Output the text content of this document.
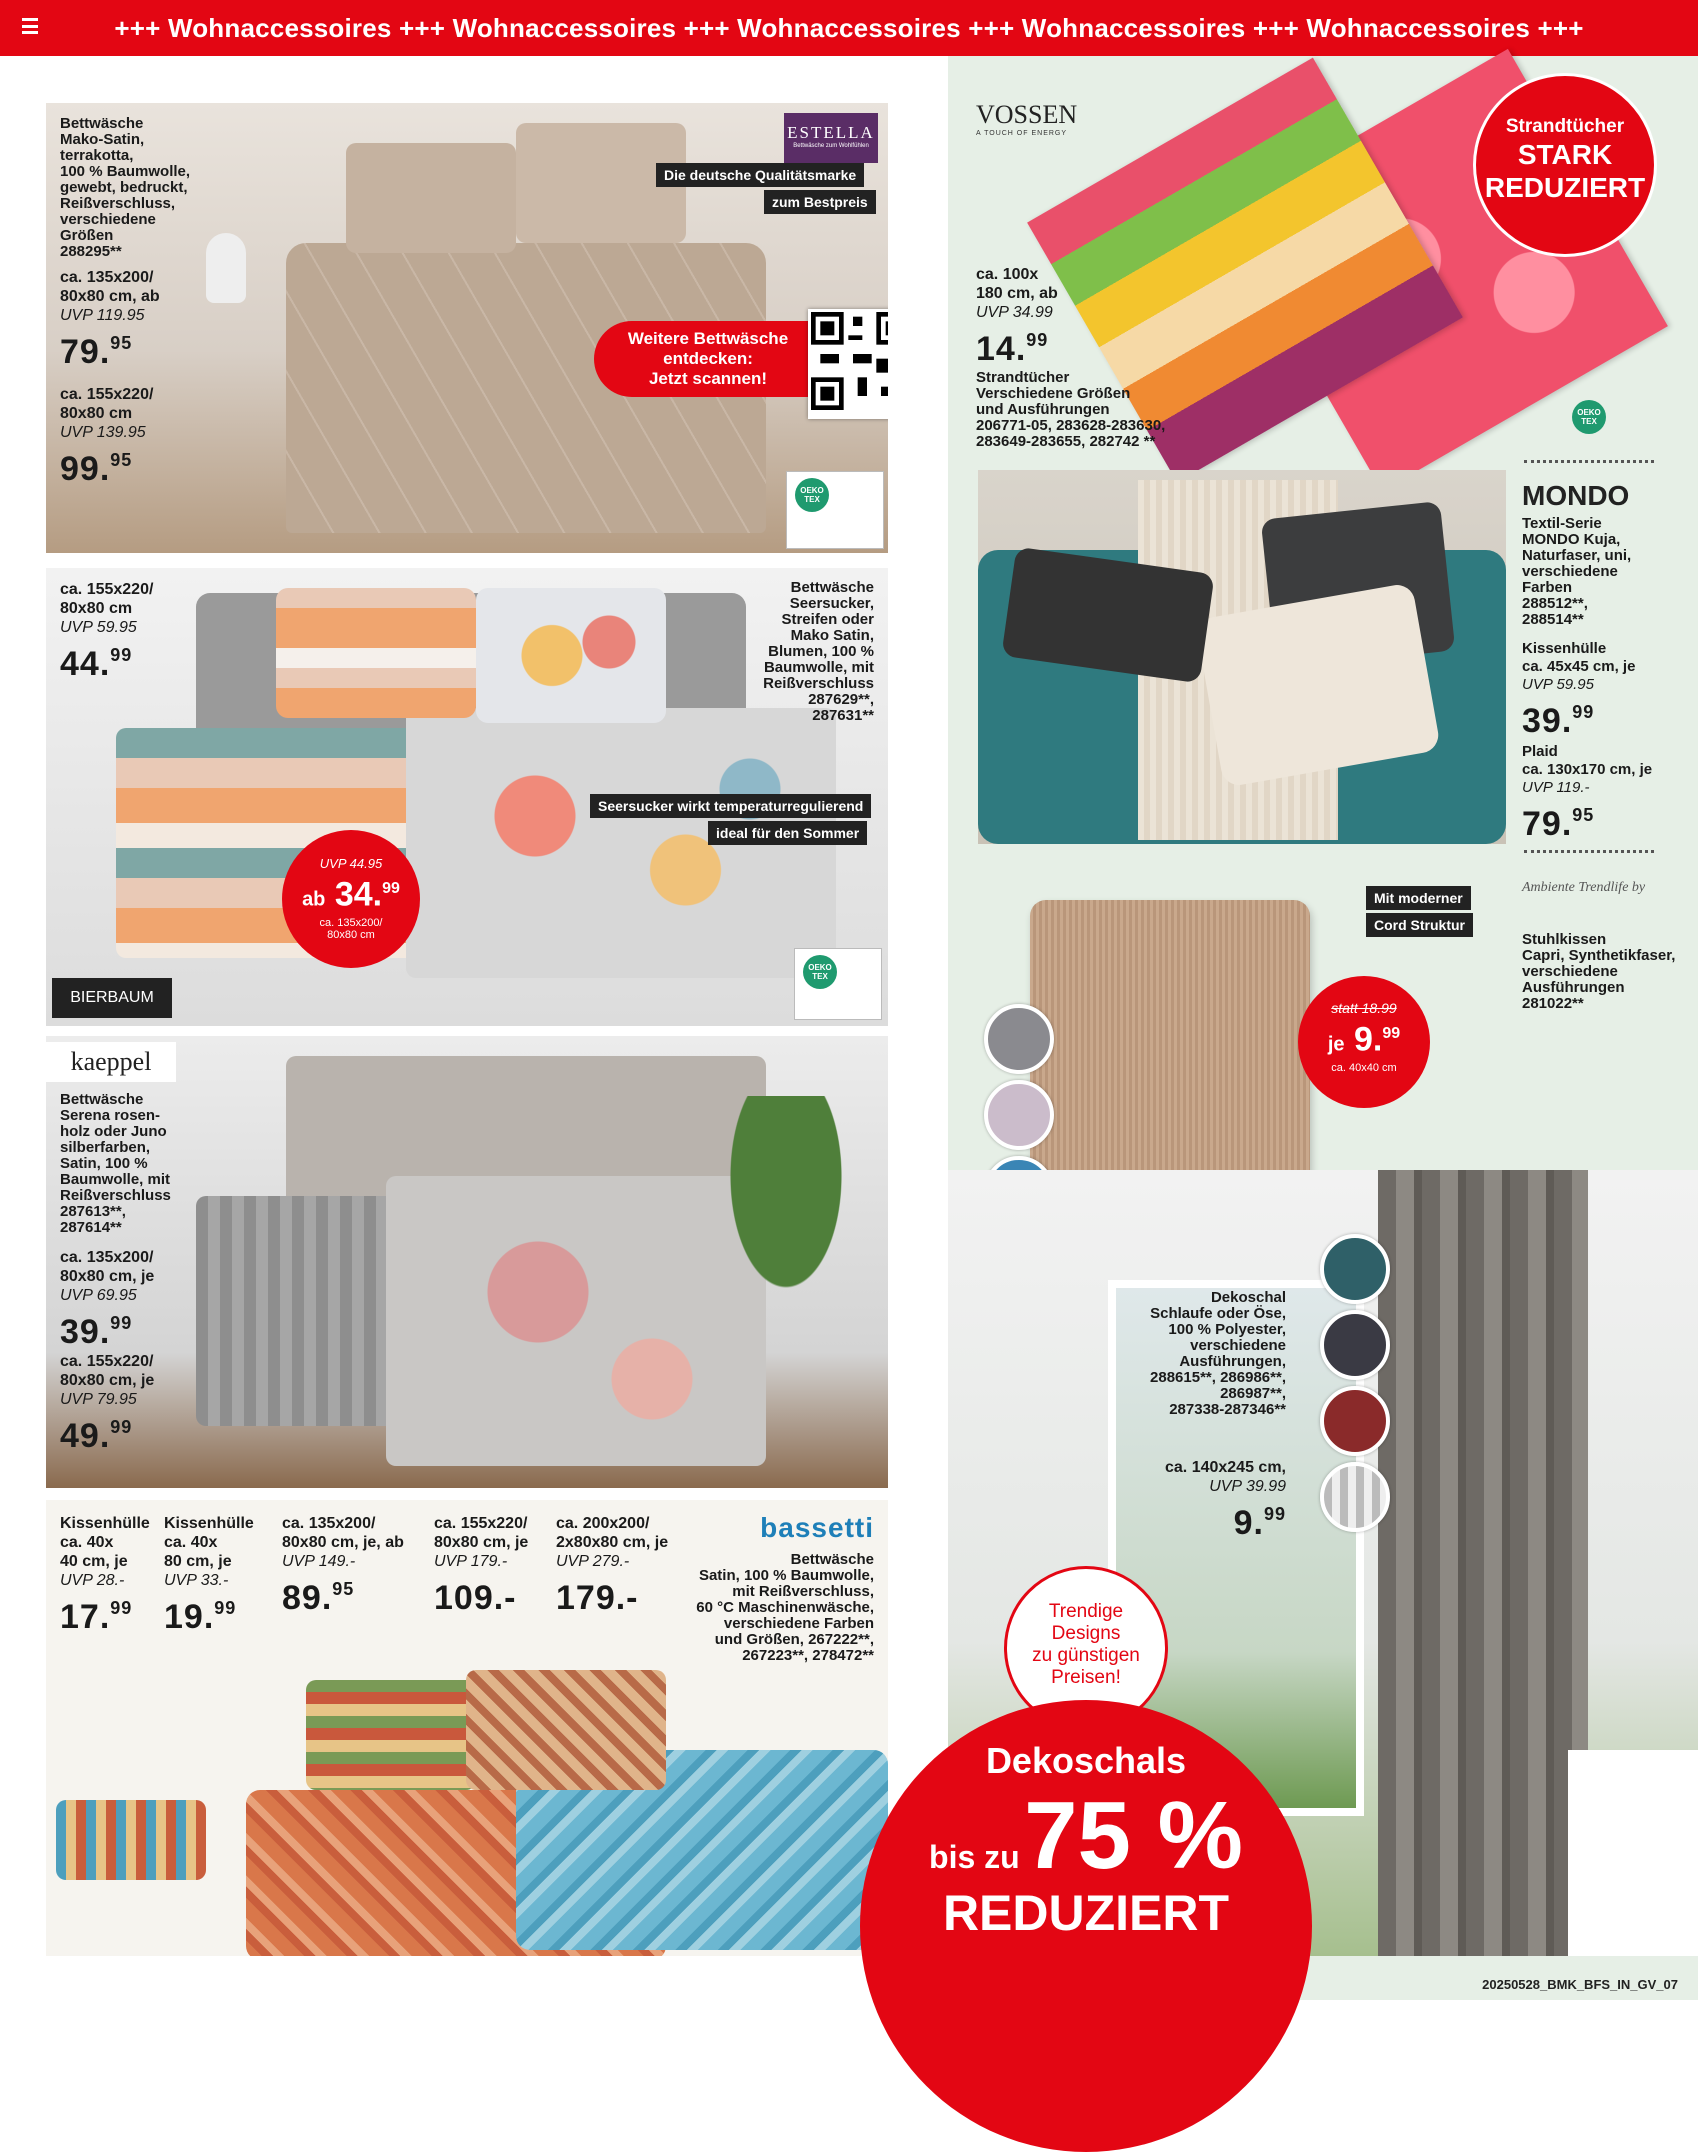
+++ Wohnaccessoires +++ Wohnaccessoires +++ Wohnaccessoires +++ Wohnaccessoires +++ Wohnaccessoires +++
ESTELLA
Bettwäsche zum Wohlfühlen
Die deutsche Qualitätsmarke
zum Bestpreis
Bettwäsche
Mako-Satin,
terrakotta,
100 % Baumwolle,
gewebt, bedruckt,
Reißverschluss,
verschiedene
Größen
288295**
ca. 135x200/
80x80 cm, ab
UVP 119.95
79.95
ca. 155x220/
80x80 cm
UVP 139.95
99.95
Weitere Bettwäsche
entdecken:
Jetzt scannen!
OEKO TEX
ca. 155x220/
80x80 cm
UVP 59.95
44.99
Bettwäsche
Seersucker,
Streifen oder
Mako Satin,
Blumen, 100 %
Baumwolle, mit
Reißverschluss
287629**,
287631**
Seersucker wirkt temperaturregulierend
ideal für den Sommer
UVP 44.95
ab 34.99
ca. 135x200/
80x80 cm
BIERBAUM
OEKO TEX
kaeppel
Bettwäsche
Serena rosen-
holz oder Juno
silberfarben,
Satin, 100 %
Baumwolle, mit
Reißverschluss
287613**,
287614**
ca. 135x200/
80x80 cm, je
UVP 69.95
39.99
ca. 155x220/
80x80 cm, je
UVP 79.95
49.99
Kissenhülle
ca. 40x
40 cm, je
UVP 28.-
17.99
Kissenhülle
ca. 40x
80 cm, je
UVP 33.-
19.99
ca. 135x200/
80x80 cm, je, ab
UVP 149.-
89.95
ca. 155x220/
80x80 cm, je
UVP 179.-
109.-
ca. 200x200/
2x80x80 cm, je
UVP 279.-
179.-
bassetti
Bettwäsche
Satin, 100 % Baumwolle,
mit Reißverschluss,
60 °C Maschinenwäsche,
verschiedene Farben
und Größen, 267222**,
267223**, 278472**
VOSSEN
A TOUCH OF ENERGY	Strandtücher
STARK
REDUZIERT
ca. 100x
180 cm, ab
UVP 34.99
14.99
Strandtücher
Verschiedene Größen
und Ausführungen
206771-05, 283628-283630,
283649-283655, 282742 **
OEKO TEX
MONDO
Textil-Serie
MONDO Kuja,
Naturfaser, uni,
verschiedene
Farben
288512**,
288514**
Kissenhülle
ca. 45x45 cm, je
UVP 59.95
39.99
Plaid
ca. 130x170 cm, je
UVP 119.-
79.95
Mit moderner
Cord Struktur
Ambiente Trendlife by
Stuhlkissen
Capri, Synthetikfaser,
verschiedene
Ausführungen
281022**
statt 18.99
je 9.99
ca. 40x40 cm
Dekoschal
Schlaufe oder Öse,
100 % Polyester,
verschiedene
Ausführungen,
288615**, 286986**,
286987**,
287338-287346**
ca. 140x245 cm,
UVP 39.99
9.99
Trendige
Designs
zu günstigen
Preisen!
Dekoschals
bis zu 75 %
REDUZIERT
20250528_BMK_BFS_IN_GV_07
